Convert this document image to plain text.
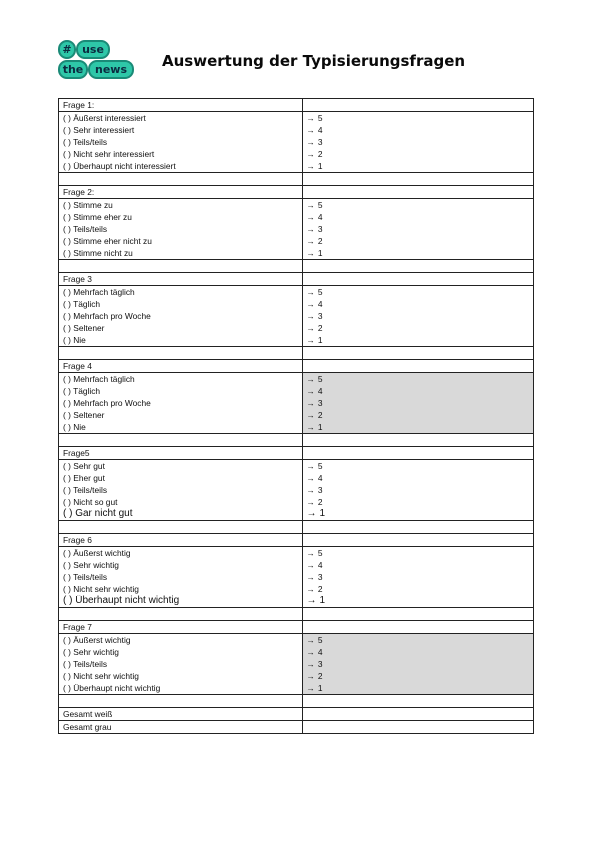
# use
the	news	Auswertung der Typisierungsfragen
Frage 1:	
( ) Äußerst interessiert	→ 5
( ) Sehr interessiert	→ 4
( ) Teils/teils	→ 3
( ) Nicht sehr interessiert	→ 2
( ) Überhaupt nicht interessiert	→ 1

Frage 2:	
( ) Stimme zu	→ 5
( ) Stimme eher zu	→ 4
( ) Teils/teils	→ 3
( ) Stimme eher nicht zu	→ 2
( ) Stimme nicht zu	→ 1

Frage 3	
( ) Mehrfach täglich	→ 5
( ) Täglich	→ 4
( ) Mehrfach pro Woche	→ 3
( ) Seltener	→ 2
( ) Nie	→ 1

Frage 4	
( ) Mehrfach täglich	→ 5
( ) Täglich	→ 4
( ) Mehrfach pro Woche	→ 3
( ) Seltener	→ 2
( ) Nie	→ 1

Frage5	
( ) Sehr gut	→ 5
( ) Eher gut	→ 4
( ) Teils/teils	→ 3
( ) Nicht so gut	→ 2
( ) Gar nicht gut	→ 1

Frage 6	
( ) Äußerst wichtig	→ 5
( ) Sehr wichtig	→ 4
( ) Teils/teils	→ 3
( ) Nicht sehr wichtig	→ 2
( ) Überhaupt nicht wichtig	→ 1

Frage 7	
( ) Äußerst wichtig	→ 5
( ) Sehr wichtig	→ 4
( ) Teils/teils	→ 3
( ) Nicht sehr wichtig	→ 2
( ) Überhaupt nicht wichtig	→ 1

Gesamt weiß	
Gesamt grau	
